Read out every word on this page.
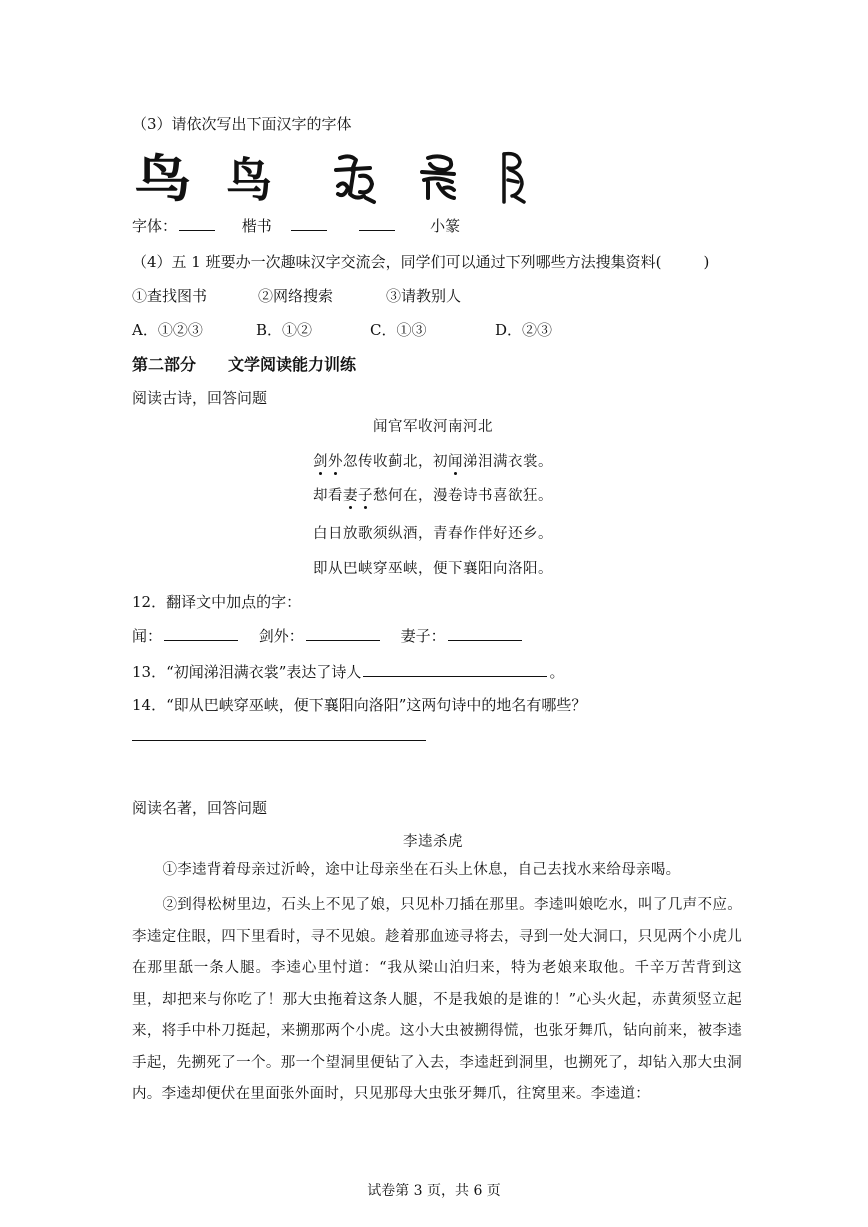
（3）请依次写出下面汉字的字体
鸟 鸟
字体：	楷书	小篆
（4）五 1 班要办一次趣味汉字交流会，同学们可以通过下列哪些方法搜集资料(	)
①查找图书	②网络搜索	③请教别人
A．①②③	B．①②	C．①③	D．②③
第二部分　　文学阅读能力训练
阅读古诗，回答问题
闻官军收河南河北
剑外忽传收蓟北，初闻涕泪满衣裳。
却看妻子愁何在，漫卷诗书喜欲狂。
白日放歌须纵酒，青春作伴好还乡。
即从巴峡穿巫峡，便下襄阳向洛阳。
12．翻译文中加点的字：
闻：	剑外：	妻子：
13．“初闻涕泪满衣裳”表达了诗人	。
14．“即从巴峡穿巫峡，便下襄阳向洛阳”这两句诗中的地名有哪些？
阅读名著，回答问题
李逵杀虎
①李逵背着母亲过沂岭，途中让母亲坐在石头上休息，自己去找水来给母亲喝。
②到得松树里边，石头上不见了娘，只见朴刀插在那里。李逵叫娘吃水，叫了几声不应。李逵定住眼，四下里看时，寻不见娘。趁着那血迹寻将去，寻到一处大洞口，只见两个小虎儿在那里舐一条人腿。李逵心里忖道：“我从梁山泊归来，特为老娘来取他。千辛万苦背到这里，却把来与你吃了！那大虫拖着这条人腿，不是我娘的是谁的！”心头火起，赤黄须竖立起来，将手中朴刀挺起，来搠那两个小虎。这小大虫被搠得慌，也张牙舞爪，钻向前来，被李逵手起，先搠死了一个。那一个望洞里便钻了入去，李逵赶到洞里，也搠死了，却钻入那大虫洞内。李逵却便伏在里面张外面时，只见那母大虫张牙舞爪，往窝里来。李逵道：
试卷第 3 页，共 6 页
